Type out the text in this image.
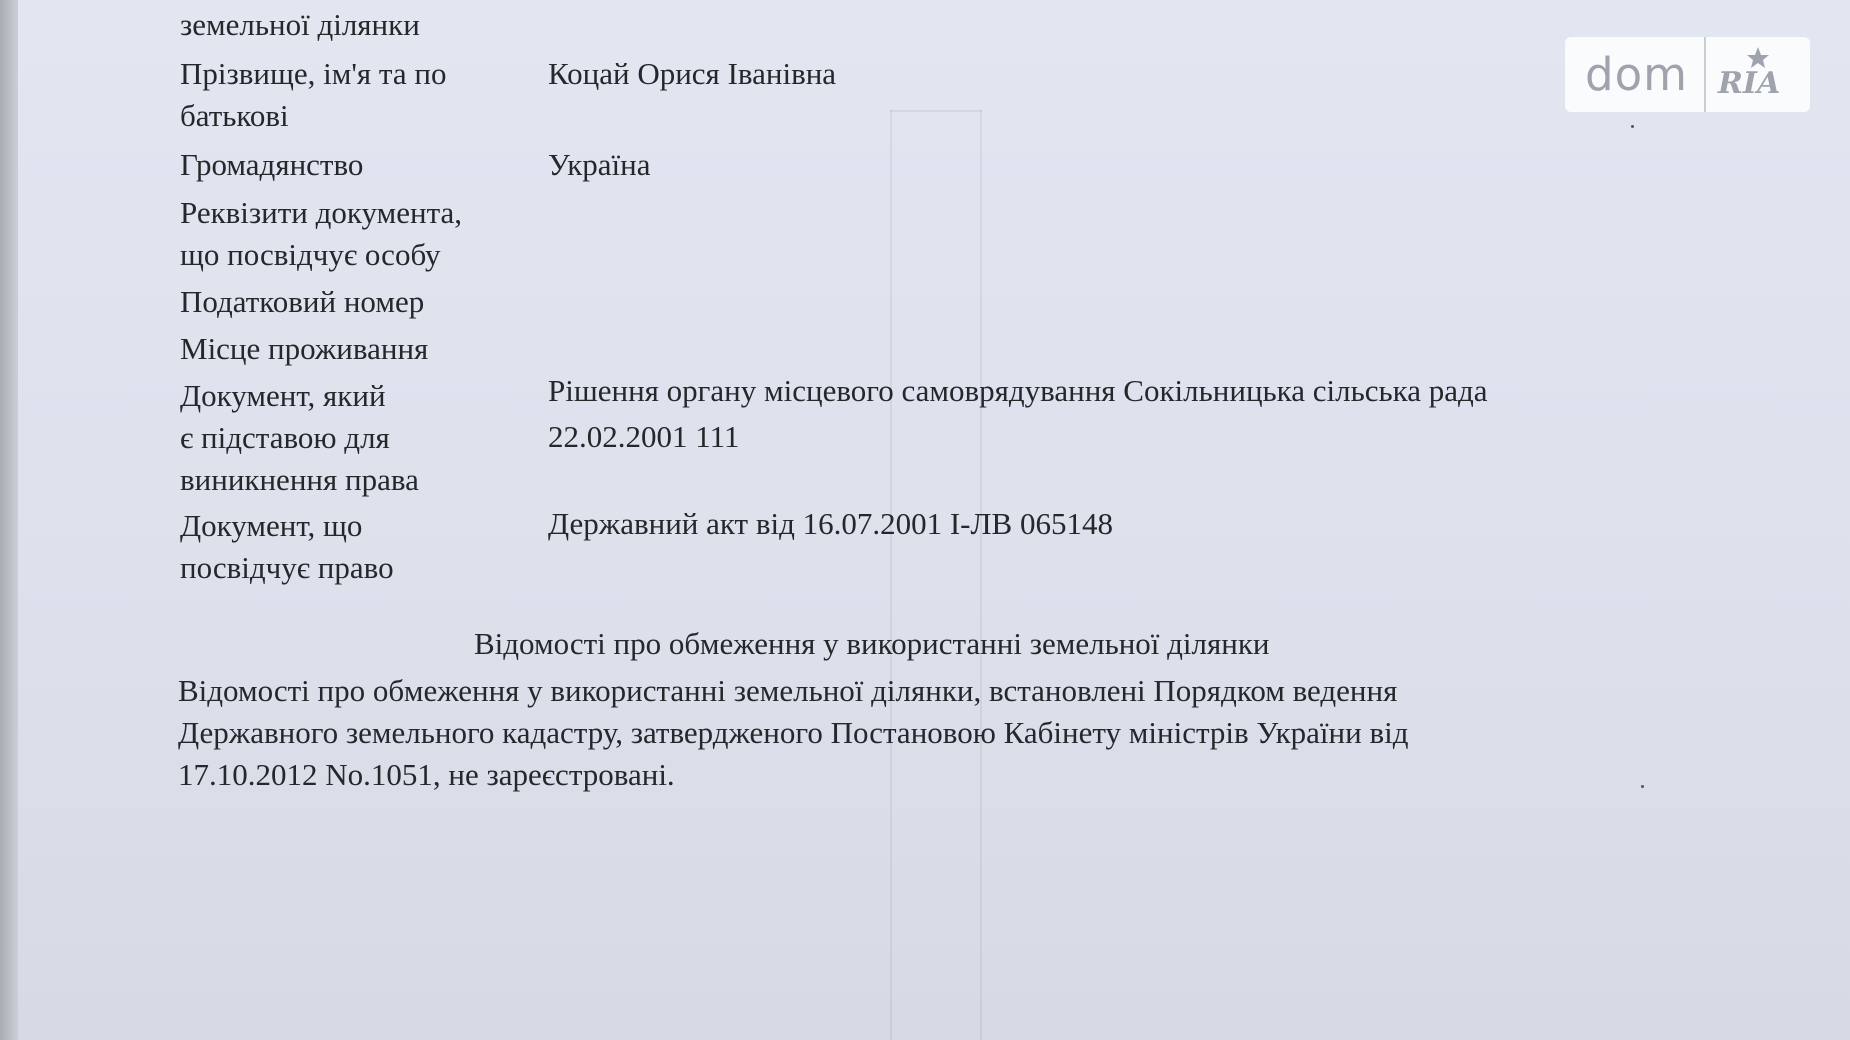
земельної ділянки
Прізвище, ім'я та по
батькові
Коцай Орися Іванівна
Громадянство	Україна
Реквізити документа,
що посвідчує особу
Податковий номер
Місце проживання
Документ, який
є підставою для
виникнення права
Рішення органу місцевого самоврядування Сокільницька сільська рада
22.02.2001 111
Документ, що
посвідчує право
Державний акт від 16.07.2001 І-ЛВ 065148
Відомості про обмеження у використанні земельної ділянки
Відомості про обмеження у використанні земельної ділянки, встановлені Порядком ведення
Державного земельного кадастру, затвердженого Постановою Кабінету міністрів України від
17.10.2012 No.1051, не зареєстровані.
dom RIA
